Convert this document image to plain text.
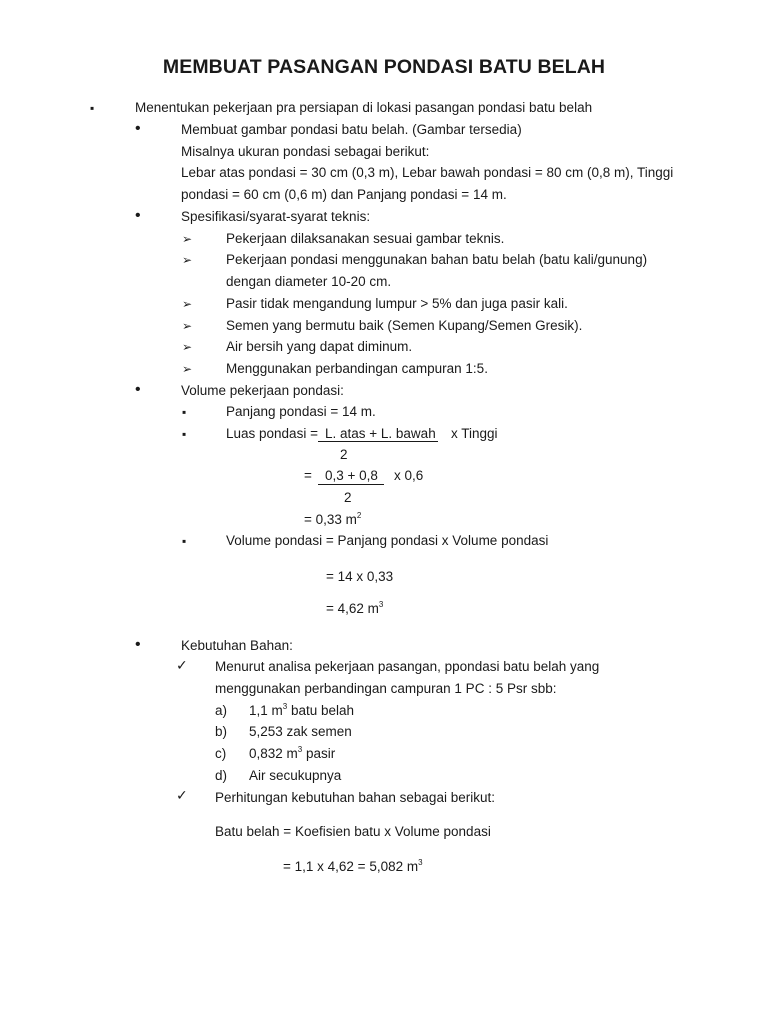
MEMBUAT PASANGAN PONDASI BATU BELAH
▪	Menentukan pekerjaan pra persiapan di lokasi pasangan pondasi batu belah
•	Membuat gambar pondasi batu belah. (Gambar tersedia)
Misalnya ukuran pondasi sebagai berikut:
Lebar atas pondasi = 30 cm (0,3 m), Lebar bawah pondasi = 80 cm (0,8 m), Tinggi
pondasi = 60 cm (0,6 m) dan Panjang pondasi = 14 m.
•	Spesifikasi/syarat-syarat teknis:
➢	Pekerjaan dilaksanakan sesuai gambar teknis.
➢	Pekerjaan pondasi menggunakan bahan batu belah (batu kali/gunung)
dengan diameter 10-20 cm.
➢	Pasir tidak mengandung lumpur > 5% dan juga pasir kali.
➢	Semen yang bermutu baik (Semen Kupang/Semen Gresik).
➢	Air bersih yang dapat diminum.
➢	Menggunakan perbandingan campuran 1:5.
•	Volume pekerjaan pondasi:
▪	Panjang pondasi = 14 m.
▪	Luas pondasi = L. atas + L. bawah x Tinggi
2
= 0,3 + 0,8 x 0,6
2
= 0,33 $m^2$
▪	Volume pondasi = Panjang pondasi x Volume pondasi
= 14 x 0,33
= 4,62 $m^3$
•	Kebutuhan Bahan:
✓ Menurut analisa pekerjaan pasangan, ppondasi batu belah yang
menggunakan perbandingan campuran 1 PC : 5 Psr sbb:
a) 1,1 $m^3$ batu belah
b) 5,253 zak semen
c) 0,832 $m^3$ pasir
d) Air secukupnya
✓ Perhitungan kebutuhan bahan sebagai berikut:
Batu belah = Koefisien batu x Volume pondasi
= 1,1 x 4,62 = 5,082 $m^3$
